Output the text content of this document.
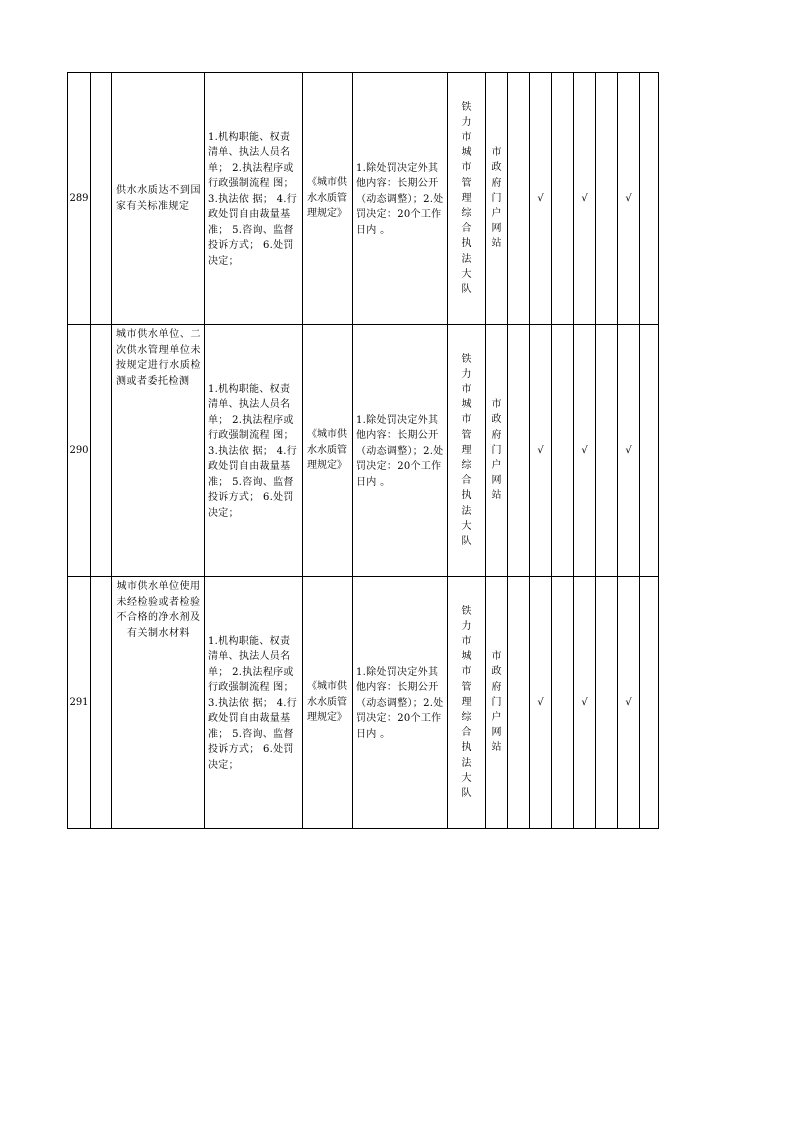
289		供水水质达不到国家有关标准规定	1.机构职能、权责清单、执法人员名单； 2.执法程序或行政强制流程 图； 3.执法依 据； 4.行政处罚自由裁量基准； 5.咨询、监督投诉方式； 6.处罚决定；	《城市供水水质管理规定》	1.除处罚决定外其他内容：长期公开 （动态调整）；2.处罚决定：20个工作日内 。	铁力市城市管理综合执法大队	市政府门户网站		√		√		√	
290		城市供水单位、二次供水管理单位未按规定进行水质检测或者委托检测	1.机构职能、权责清单、执法人员名单； 2.执法程序或行政强制流程 图； 3.执法依 据； 4.行政处罚自由裁量基准； 5.咨询、监督投诉方式； 6.处罚决定；	《城市供水水质管理规定》	1.除处罚决定外其他内容：长期公开 （动态调整）；2.处罚决定：20个工作日内 。	铁力市城市管理综合执法大队	市政府门户网站		√		√		√	
291		城市供水单位使用未经检验或者检验不合格的净水剂及有关制水材料	1.机构职能、权责清单、执法人员名单； 2.执法程序或行政强制流程 图； 3.执法依 据； 4.行政处罚自由裁量基准； 5.咨询、监督投诉方式； 6.处罚决定；	《城市供水水质管理规定》	1.除处罚决定外其他内容：长期公开 （动态调整）；2.处罚决定：20个工作日内 。	铁力市城市管理综合执法大队	市政府门户网站		√		√		√	
